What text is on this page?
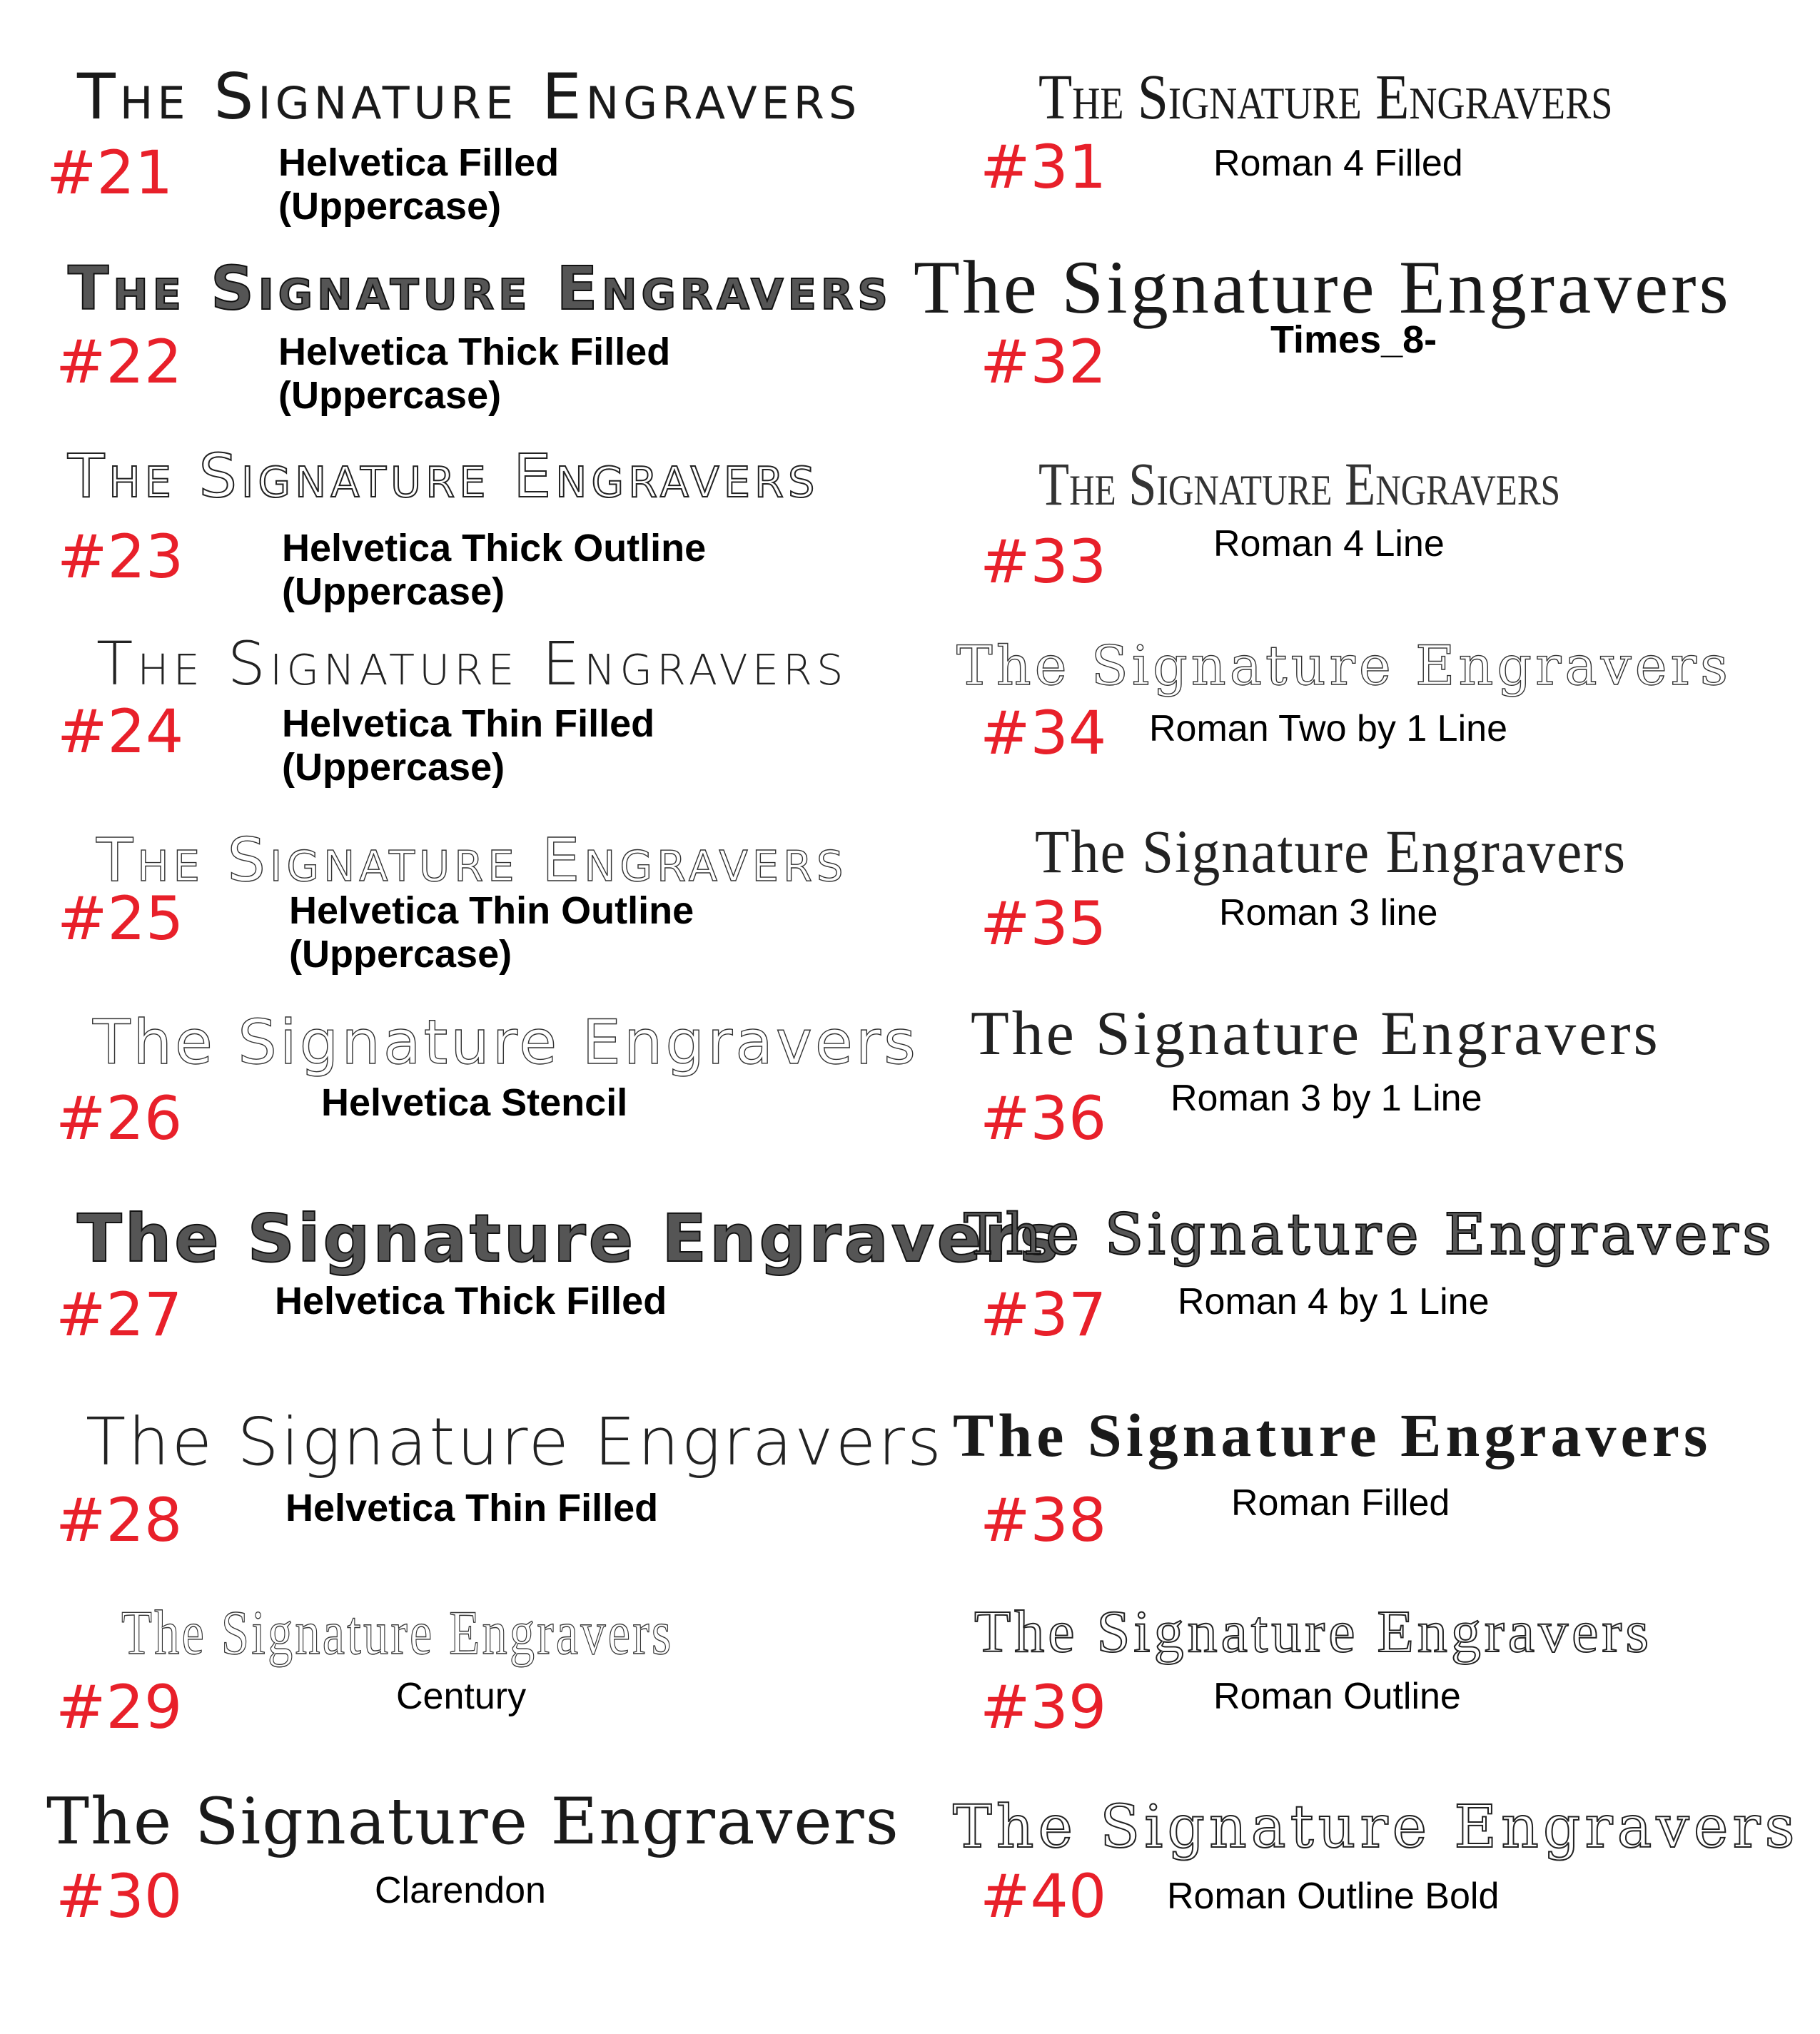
The Signature Engravers
#21	Helvetica Filled
(Uppercase)
The Signature Engravers
#22 Helvetica Thick Filled
(Uppercase)
The Signature Engravers
#23	Helvetica Thick Outline
(Uppercase)
The Signature Engravers
#24	Helvetica Thin Filled
(Uppercase)
The Signature Engravers
#25	Helvetica Thin Outline
(Uppercase)
The Signature Engravers
#26	Helvetica Stencil
The Signature Engravers
#27 Helvetica Thick Filled
The Signature Engravers
#28	Helvetica Thin Filled
The Signature Engravers
#29	Century
The Signature Engravers
#30	Clarendon
The Signature Engravers
#31	Roman 4 Filled
The Signature Engravers
#32	Times_8-
The Signature Engravers
#33	Roman 4 Line
The Signature Engravers
#34 Roman Two by 1 Line
The Signature Engravers
#35	Roman 3 line
The Signature Engravers
#36 Roman 3 by 1 Line
The Signature Engravers
#37 Roman 4 by 1 Line
The Signature Engravers
#38	Roman Filled
The Signature Engravers
#39	Roman Outline
The Signature Engravers
#40 Roman Outline Bold
